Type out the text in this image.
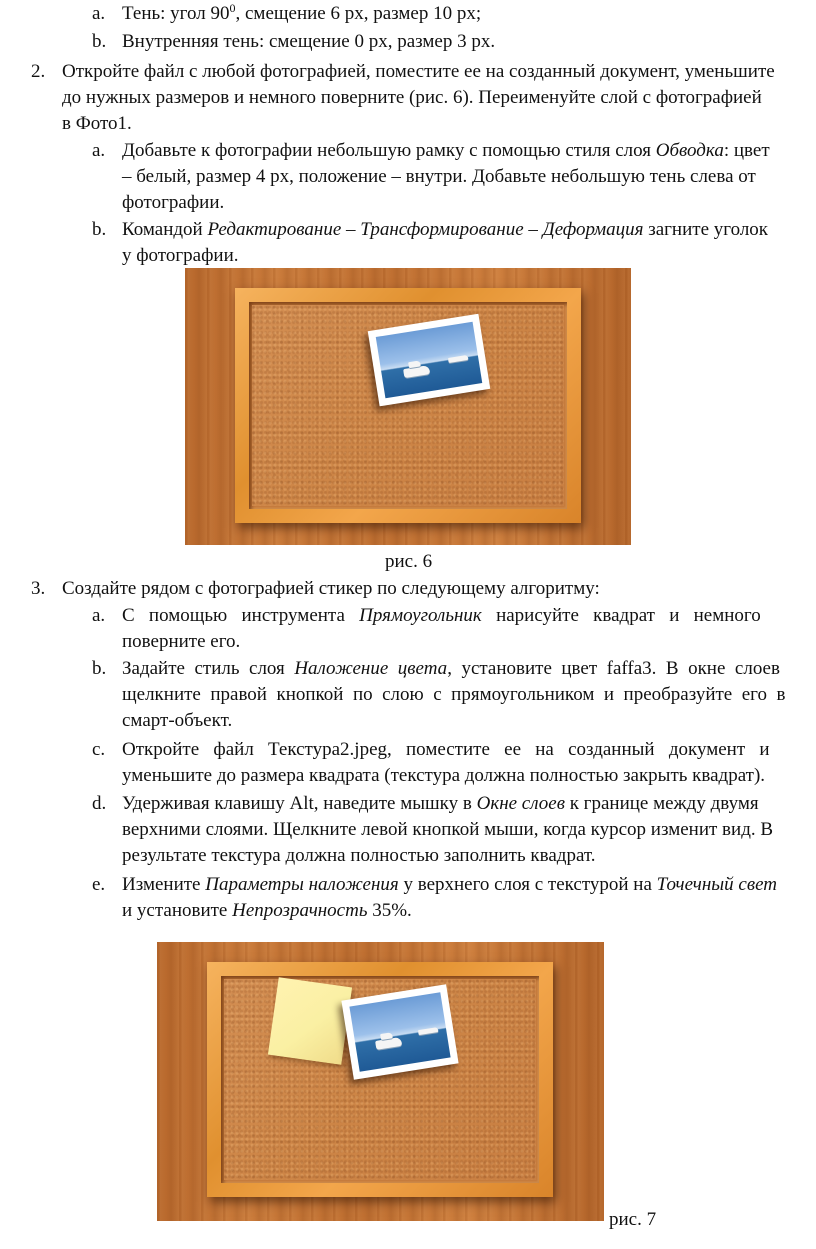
a. Тень: угол $90^0$, смещение 6 px, размер 10 px;
b. Внутренняя тень: смещение 0 px, размер 3 px.
2. Откройте файл с любой фотографией, поместите ее на созданный документ, уменьшите
до нужных размеров и немного поверните (рис. 6). Переименуйте слой с фотографией
в Фото1.
a. Добавьте к фотографии небольшую рамку с помощью стиля слоя Обводка: цвет
– белый, размер 4 px, положение – внутри. Добавьте небольшую тень слева от
фотографии.
b. Командой Редактирование – Трансформирование – Деформация загните уголок
у фотографии.
рис. 6
3. Создайте рядом с фотографией стикер по следующему алгоритму:
a. С   помощью   инструмента   Прямоугольник   нарисуйте   квадрат   и   немного
поверните его.
b. Задайте  стиль  слоя  Наложение  цвета,  установите  цвет  faffa3.  В  окне  слоев
щелкните  правой  кнопкой  по  слою  с  прямоугольником  и  преобразуйте  его  в
смарт-объект.
c. Откройте   файл   Текстура2.jpeg,   поместите   ее   на   созданный   документ   и
уменьшите до размера квадрата (текстура должна полностью закрыть квадрат).
d. Удерживая клавишу Alt, наведите мышку в Окне слоев к границе между двумя
верхними слоями. Щелкните левой кнопкой мыши, когда курсор изменит вид. В
результате текстура должна полностью заполнить квадрат.
e. Измените Параметры наложения у верхнего слоя с текстурой на Точечный свет
и установите Непрозрачность 35%.
рис. 7
